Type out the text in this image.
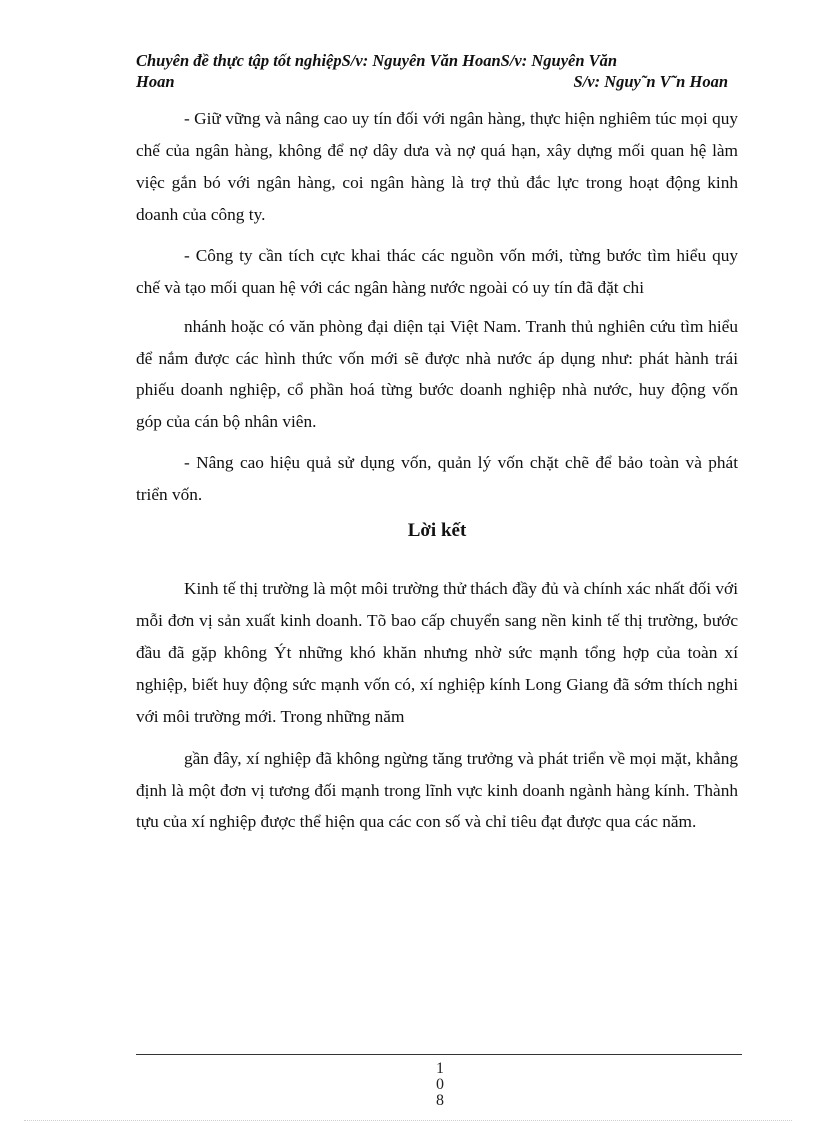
Chuyên đề thực tập tốt nghiệpS/v: Nguyên Văn HoanS/v: Nguyên Văn
Hoan	S/v: Nguy˜n V˜n Hoan

- Giữ vững và nâng cao uy tín đối với ngân hàng, thực hiện nghiêm túc mọi quy chế của ngân hàng, không để nợ dây dưa và nợ quá hạn, xây dựng mối quan hệ làm việc gắn bó với ngân hàng, coi ngân hàng là trợ thủ đắc lực trong hoạt động kinh doanh của công ty.

- Công ty cần tích cực khai thác các nguồn vốn mới, từng bước tìm hiểu quy chế và tạo mối quan hệ với các ngân hàng nước ngoài có uy tín đã đặt chi

nhánh hoặc có văn phòng đại diện tại Việt Nam. Tranh thủ nghiên cứu tìm hiểu để nắm được các hình thức vốn mới sẽ được nhà nước áp dụng như: phát hành trái phiếu doanh nghiệp, cổ phần hoá từng bước doanh nghiệp nhà nước, huy động vốn góp của cán bộ nhân viên.

- Nâng cao hiệu quả sử dụng vốn, quản lý vốn chặt chẽ để bảo toàn và phát triển vốn.

Lời kết

Kinh tế thị trường là một môi trường thử thách đầy đủ và chính xác nhất đối với mỗi đơn vị sản xuất kinh doanh. Tõ bao cấp chuyển sang nền kinh tế thị trường, bước đầu đã gặp không Ýt những khó khăn nhưng nhờ sức mạnh tổng hợp của toàn xí nghiệp, biết huy động sức mạnh vốn có, xí nghiệp kính Long Giang đã sớm thích nghi với môi trường mới. Trong những năm

gần đây, xí nghiệp đã không ngừng tăng trưởng và phát triển về mọi mặt, khẳng định là một đơn vị tương đối mạnh trong lĩnh vực kinh doanh ngành hàng kính. Thành tựu của xí nghiệp được thể hiện qua các con số và chỉ tiêu đạt được qua các năm.

1
0
8
